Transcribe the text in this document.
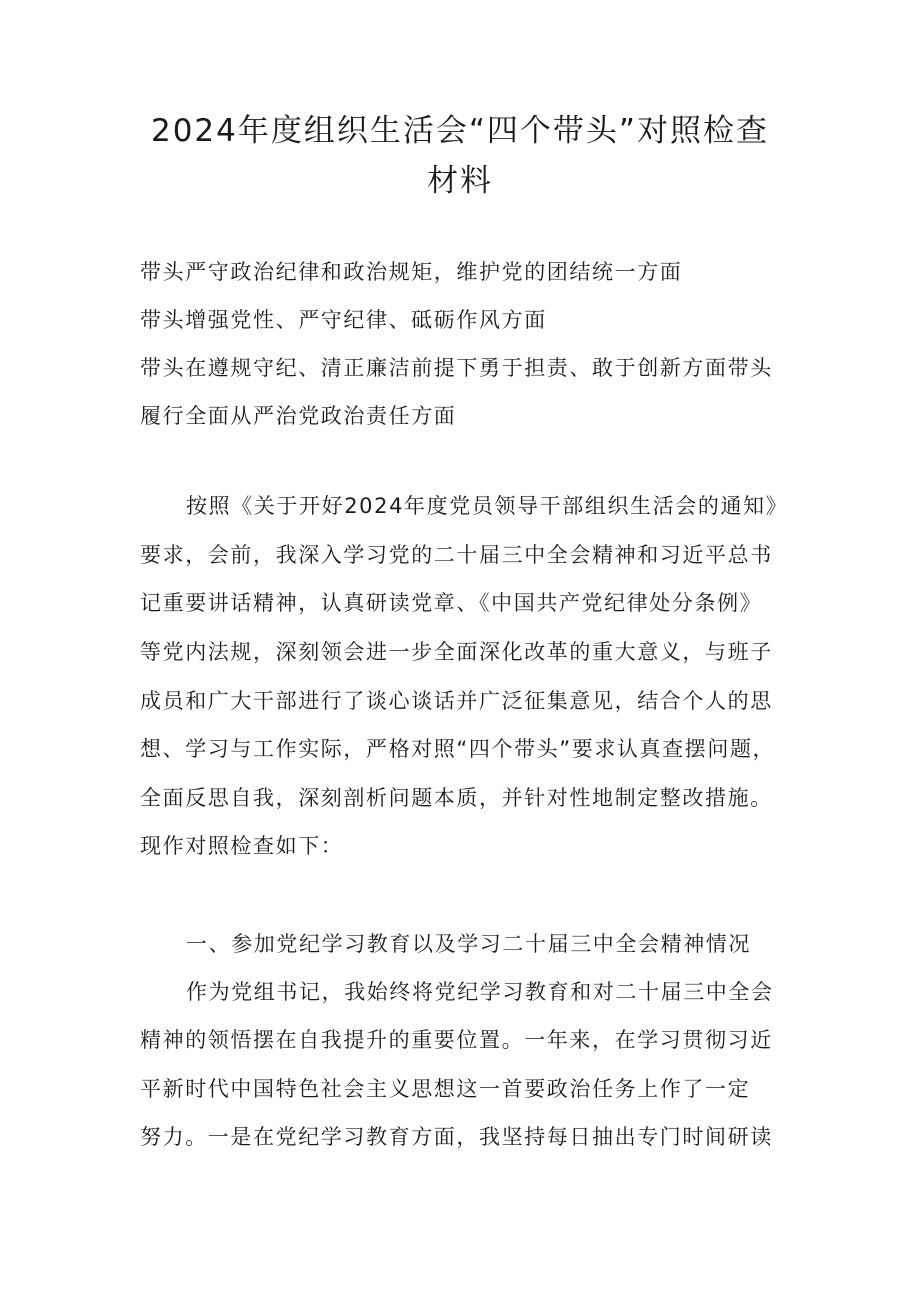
2024年度组织生活会“四个带头”对照检查
材料

带头严守政治纪律和政治规矩，维护党的团结统一方面

带头增强党性、严守纪律、砥砺作风方面

带头在遵规守纪、清正廉洁前提下勇于担责、敢于创新方面带头

履行全面从严治党政治责任方面

按照《关于开好2024年度党员领导干部组织生活会的通知》

要求，会前，我深入学习党的二十届三中全会精神和习近平总书

记重要讲话精神，认真研读党章、《中国共产党纪律处分条例》

等党内法规，深刻领会进一步全面深化改革的重大意义，与班子

成员和广大干部进行了谈心谈话并广泛征集意见，结合个人的思

想、学习与工作实际，严格对照“四个带头”要求认真查摆问题，

全面反思自我，深刻剖析问题本质，并针对性地制定整改措施。

现作对照检查如下：

一、参加党纪学习教育以及学习二十届三中全会精神情况

作为党组书记，我始终将党纪学习教育和对二十届三中全会

精神的领悟摆在自我提升的重要位置。一年来，在学习贯彻习近

平新时代中国特色社会主义思想这一首要政治任务上作了一定

努力。一是在党纪学习教育方面，我坚持每日抽出专门时间研读
